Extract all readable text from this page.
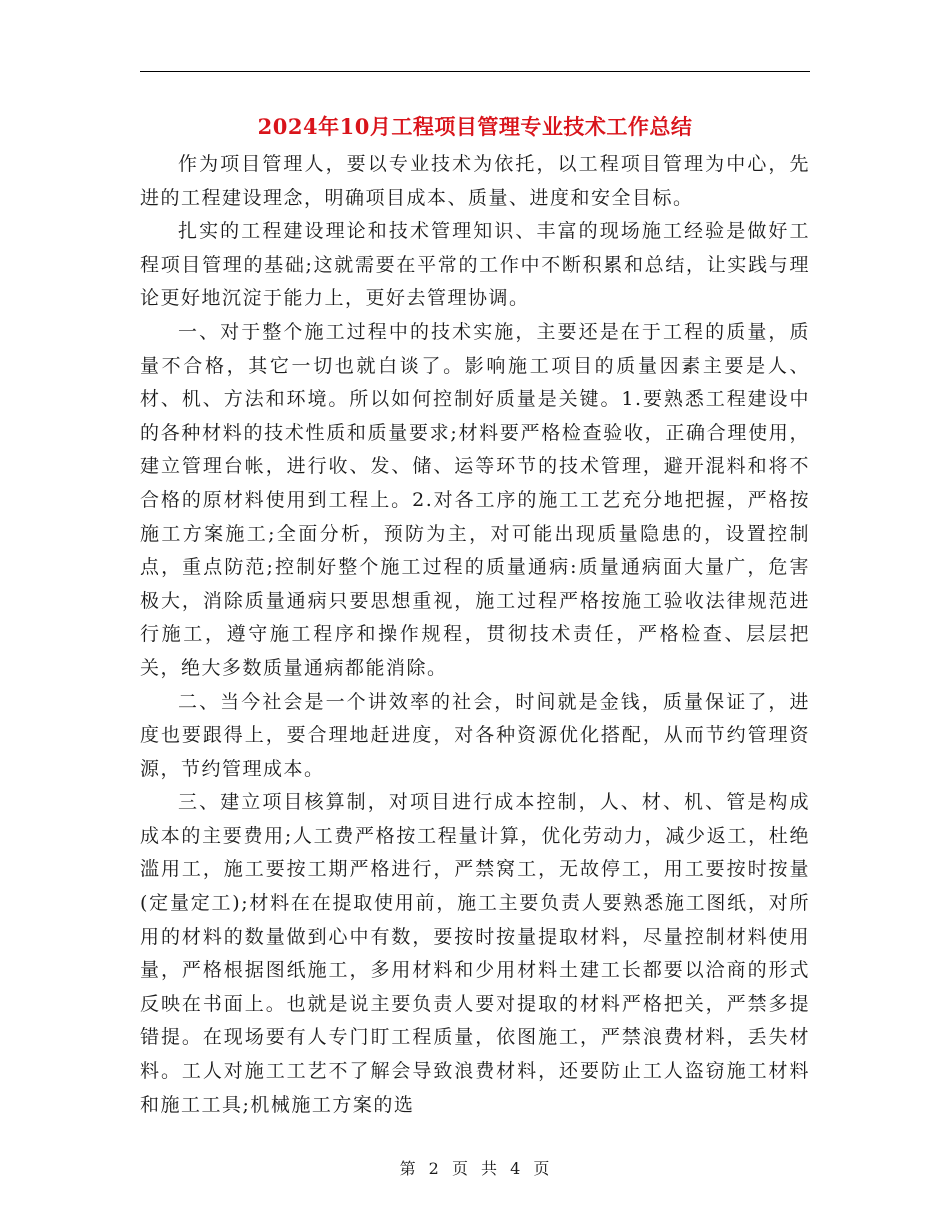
2024年10月工程项目管理专业技术工作总结

作为项目管理人，要以专业技术为依托，以工程项目管理为中心，先进的工程建设理念，明确项目成本、质量、进度和安全目标。

扎实的工程建设理论和技术管理知识、丰富的现场施工经验是做好工程项目管理的基础;这就需要在平常的工作中不断积累和总结，让实践与理论更好地沉淀于能力上，更好去管理协调。

一、对于整个施工过程中的技术实施，主要还是在于工程的质量，质量不合格，其它一切也就白谈了。影响施工项目的质量因素主要是人、材、机、方法和环境。所以如何控制好质量是关键。1.要熟悉工程建设中的各种材料的技术性质和质量要求;材料要严格检查验收，正确合理使用，建立管理台帐，进行收、发、储、运等环节的技术管理，避开混料和将不合格的原材料使用到工程上。2.对各工序的施工工艺充分地把握，严格按施工方案施工;全面分析，预防为主，对可能出现质量隐患的，设置控制点，重点防范;控制好整个施工过程的质量通病:质量通病面大量广，危害极大，消除质量通病只要思想重视，施工过程严格按施工验收法律规范进行施工，遵守施工程序和操作规程，贯彻技术责任，严格检查、层层把关，绝大多数质量通病都能消除。

二、当今社会是一个讲效率的社会，时间就是金钱，质量保证了，进度也要跟得上，要合理地赶进度，对各种资源优化搭配，从而节约管理资源，节约管理成本。

三、建立项目核算制，对项目进行成本控制，人、材、机、管是构成成本的主要费用;人工费严格按工程量计算，优化劳动力，减少返工，杜绝滥用工，施工要按工期严格进行，严禁窝工，无故停工，用工要按时按量(定量定工);材料在在提取使用前，施工主要负责人要熟悉施工图纸，对所用的材料的数量做到心中有数，要按时按量提取材料，尽量控制材料使用量，严格根据图纸施工，多用材料和少用材料土建工长都要以洽商的形式反映在书面上。也就是说主要负责人要对提取的材料严格把关，严禁多提错提。在现场要有人专门盯工程质量，依图施工，严禁浪费材料，丢失材料。工人对施工工艺不了解会导致浪费材料，还要防止工人盗窃施工材料和施工工具;机械施工方案的选

第 2 页 共 4 页
